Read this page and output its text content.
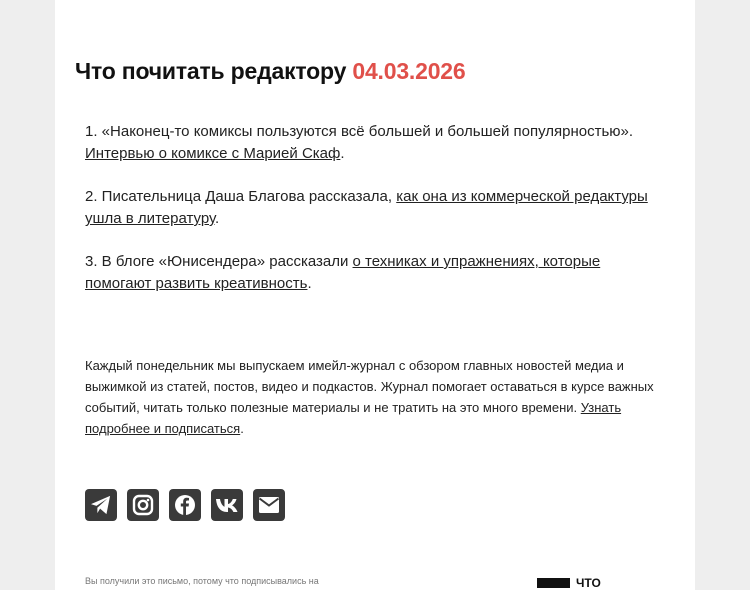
Что почитать редактору 04.03.2026
1. «Наконец-то комиксы пользуются всё большей и большей популярностью». Интервью о комиксе с Марией Скаф.
2. Писательница Даша Благова рассказала, как она из коммерческой редактуры ушла в литературу.
3. В блоге «Юнисендера» рассказали о техниках и упражнениях, которые помогают развить креативность.
Каждый понедельник мы выпускаем имейл-журнал с обзором главных новостей медиа и выжимкой из статей, постов, видео и подкастов. Журнал помогает оставаться в курсе важных событий, читать только полезные материалы и не тратить на это много времени. Узнать подробнее и подписаться.
Вы получили это письмо, потому что подписывались на	ЧТО
